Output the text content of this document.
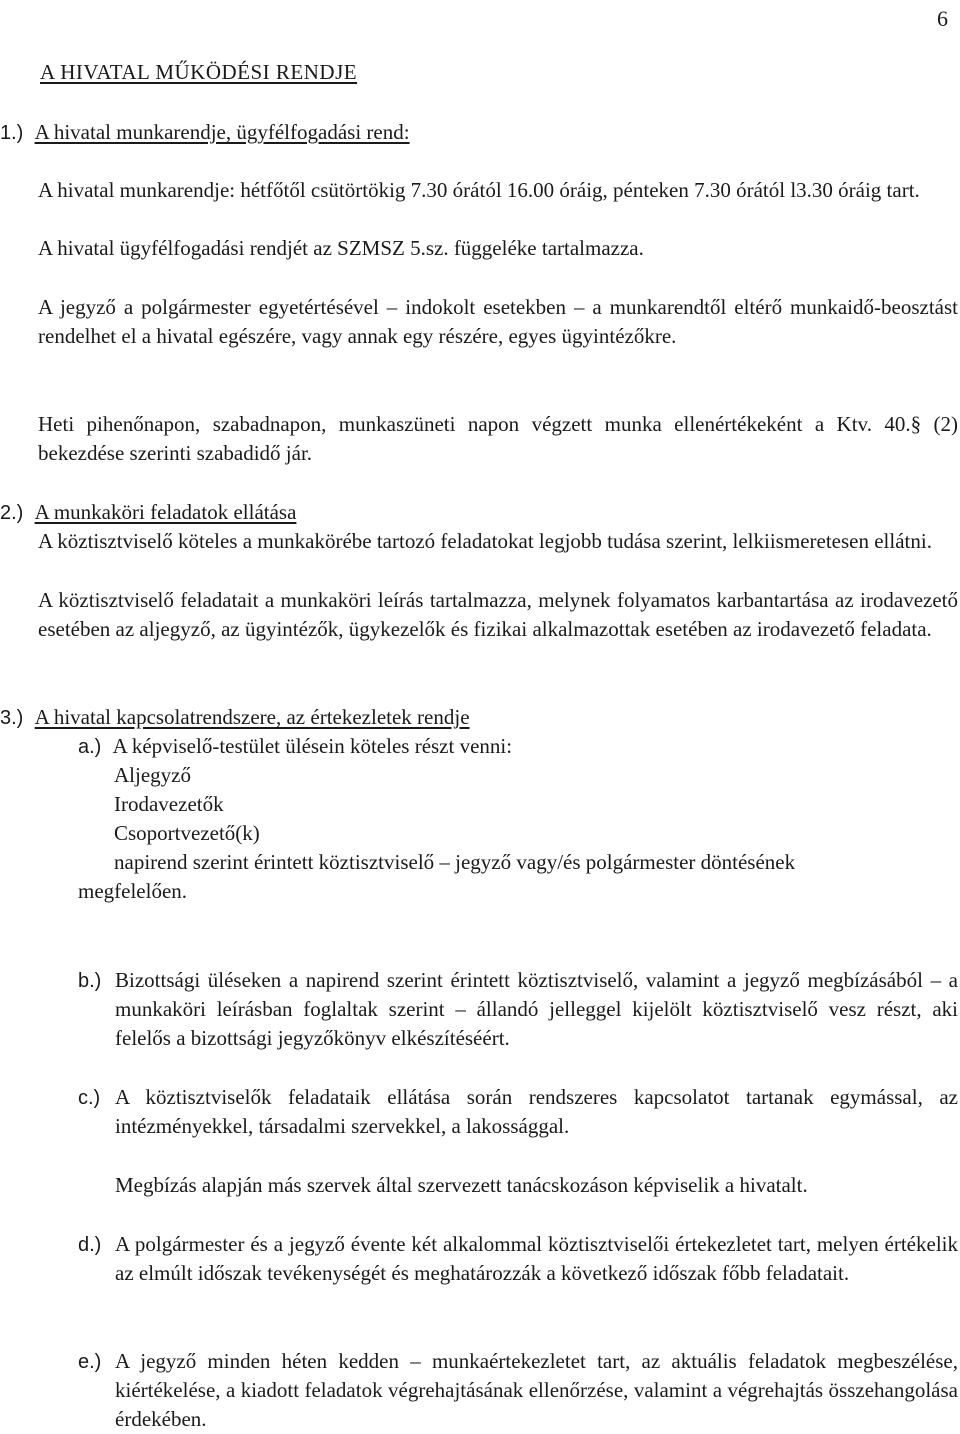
6
A HIVATAL MŰKÖDÉSI RENDJE
1.) A hivatal munkarendje, ügyfélfogadási rend:
A hivatal munkarendje: hétfőtől csütörtökig 7.30 órától 16.00 óráig, pénteken 7.30 órától l3.30 óráig tart.
A hivatal ügyfélfogadási rendjét az SZMSZ 5.sz. függeléke tartalmazza.
A jegyző a polgármester egyetértésével – indokolt esetekben – a munkarendtől eltérő munkaidő-beosztást rendelhet el a hivatal egészére, vagy annak egy részére, egyes ügyintézőkre.
Heti pihenőnapon, szabadnapon, munkaszüneti napon végzett munka ellenértékeként a Ktv. 40.§ (2) bekezdése szerinti szabadidő jár.
2.) A munkaköri feladatok ellátása
A köztisztviselő köteles a munkakörébe tartozó feladatokat legjobb tudása szerint, lelkiismeretesen ellátni.
A köztisztviselő feladatait a munkaköri leírás tartalmazza, melynek folyamatos karbantartása az irodavezető esetében az aljegyző, az ügyintézők, ügykezelők és fizikai alkalmazottak esetében az irodavezető feladata.
3.) A hivatal kapcsolatrendszere, az értekezletek rendje
a.) A képviselő-testület ülésein köteles részt venni:
Aljegyző
Irodavezetők
Csoportvezető(k)
napirend szerint érintett köztisztviselő – jegyző vagy/és polgármester döntésének
megfelelően.
b.) Bizottsági üléseken a napirend szerint érintett köztisztviselő, valamint a jegyző megbízásából – a munkaköri leírásban foglaltak szerint – állandó jelleggel kijelölt köztisztviselő vesz részt, aki felelős a bizottsági jegyzőkönyv elkészítéséért.
c.) A köztisztviselők feladataik ellátása során rendszeres kapcsolatot tartanak egymással, az intézményekkel, társadalmi szervekkel, a lakossággal.
Megbízás alapján más szervek által szervezett tanácskozáson képviselik a hivatalt.
d.) A polgármester és a jegyző évente két alkalommal köztisztviselői értekezletet tart, melyen értékelik az elmúlt időszak tevékenységét és meghatározzák a következő időszak főbb feladatait.
e.) A jegyző minden héten kedden – munkaértekezletet tart, az aktuális feladatok megbeszélése, kiértékelése, a kiadott feladatok végrehajtásának ellenőrzése, valamint a végrehajtás összehangolása érdekében.
